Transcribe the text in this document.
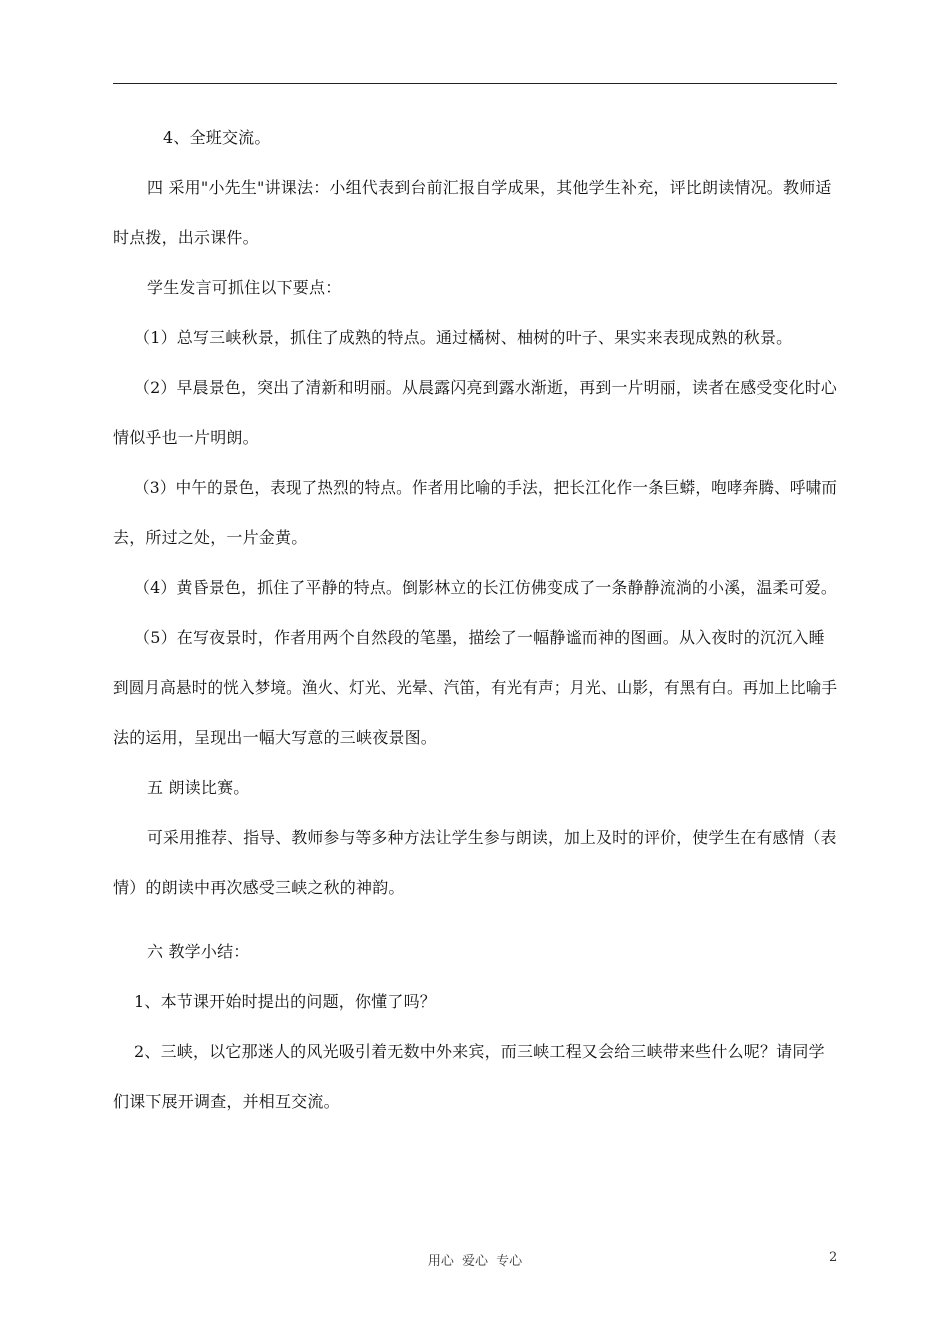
4、全班交流。
四 采用"小先生"讲课法：小组代表到台前汇报自学成果，其他学生补充，评比朗读情况。教师适
时点拨，出示课件。
学生发言可抓住以下要点：
（1）总写三峡秋景，抓住了成熟的特点。通过橘树、柚树的叶子、果实来表现成熟的秋景。
（2）早晨景色，突出了清新和明丽。从晨露闪亮到露水渐逝，再到一片明丽，读者在感受变化时心
情似乎也一片明朗。
（3）中午的景色，表现了热烈的特点。作者用比喻的手法，把长江化作一条巨蟒，咆哮奔腾、呼啸而
去，所过之处，一片金黄。
（4）黄昏景色，抓住了平静的特点。倒影林立的长江仿佛变成了一条静静流淌的小溪，温柔可爱。
（5）在写夜景时，作者用两个自然段的笔墨，描绘了一幅静谧而神的图画。从入夜时的沉沉入睡
到圆月高悬时的恍入梦境。渔火、灯光、光晕、汽笛，有光有声；月光、山影，有黑有白。再加上比喻手
法的运用，呈现出一幅大写意的三峡夜景图。
五 朗读比赛。
可采用推荐、指导、教师参与等多种方法让学生参与朗读，加上及时的评价，使学生在有感情（表
情）的朗读中再次感受三峡之秋的神韵。
六 教学小结：
1、本节课开始时提出的问题，你懂了吗？
2、三峡，以它那迷人的风光吸引着无数中外来宾，而三峡工程又会给三峡带来些什么呢？请同学
们课下展开调查，并相互交流。
用心 爱心 专心	2
